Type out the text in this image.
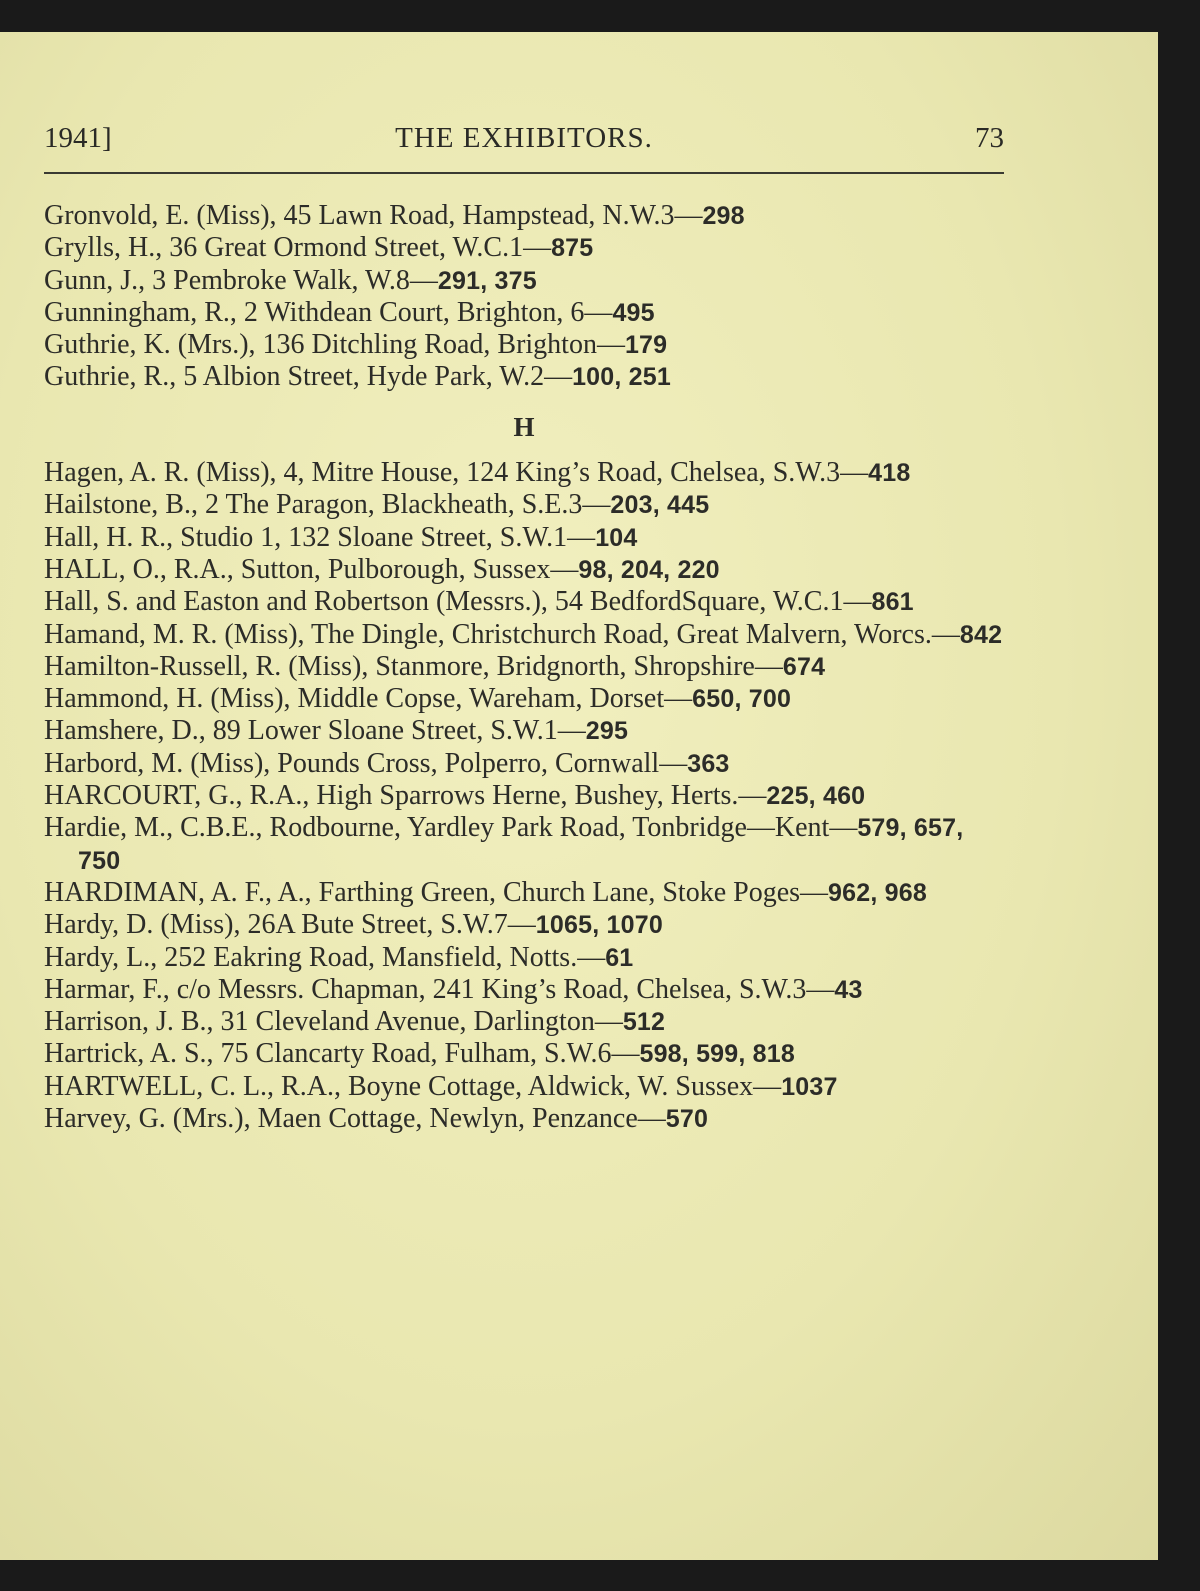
1941]	THE EXHIBITORS.	73
Gronvold, E. (Miss), 45 Lawn Road, Hampstead, N.W.3—298
Grylls, H., 36 Great Ormond Street, W.C.1—875
Gunn, J., 3 Pembroke Walk, W.8—291, 375
Gunningham, R., 2 Withdean Court, Brighton, 6—495
Guthrie, K. (Mrs.), 136 Ditchling Road, Brighton—179
Guthrie, R., 5 Albion Street, Hyde Park, W.2—100, 251
H
Hagen, A. R. (Miss), 4, Mitre House, 124 King’s Road, Chelsea, S.W.3—418
Hailstone, B., 2 The Paragon, Blackheath, S.E.3—203, 445
Hall, H. R., Studio 1, 132 Sloane Street, S.W.1—104
HALL, O., R.A., Sutton, Pulborough, Sussex—98, 204, 220
Hall, S. and Easton and Robertson (Messrs.), 54 BedfordSquare, W.C.1—861
Hamand, M. R. (Miss), The Dingle, Christchurch Road, Great Malvern, Worcs.—842
Hamilton-Russell, R. (Miss), Stanmore, Bridgnorth, Shropshire—674
Hammond, H. (Miss), Middle Copse, Wareham, Dorset—650, 700
Hamshere, D., 89 Lower Sloane Street, S.W.1—295
Harbord, M. (Miss), Pounds Cross, Polperro, Cornwall—363
HARCOURT, G., R.A., High Sparrows Herne, Bushey, Herts.—225, 460
Hardie, M., C.B.E., Rodbourne, Yardley Park Road, Tonbridge—Kent—579, 657, 750
HARDIMAN, A. F., A., Farthing Green, Church Lane, Stoke Poges—962, 968
Hardy, D. (Miss), 26A Bute Street, S.W.7—1065, 1070
Hardy, L., 252 Eakring Road, Mansfield, Notts.—61
Harmar, F., c/o Messrs. Chapman, 241 King’s Road, Chelsea, S.W.3—43
Harrison, J. B., 31 Cleveland Avenue, Darlington—512
Hartrick, A. S., 75 Clancarty Road, Fulham, S.W.6—598, 599, 818
HARTWELL, C. L., R.A., Boyne Cottage, Aldwick, W. Sussex—1037
Harvey, G. (Mrs.), Maen Cottage, Newlyn, Penzance—570
